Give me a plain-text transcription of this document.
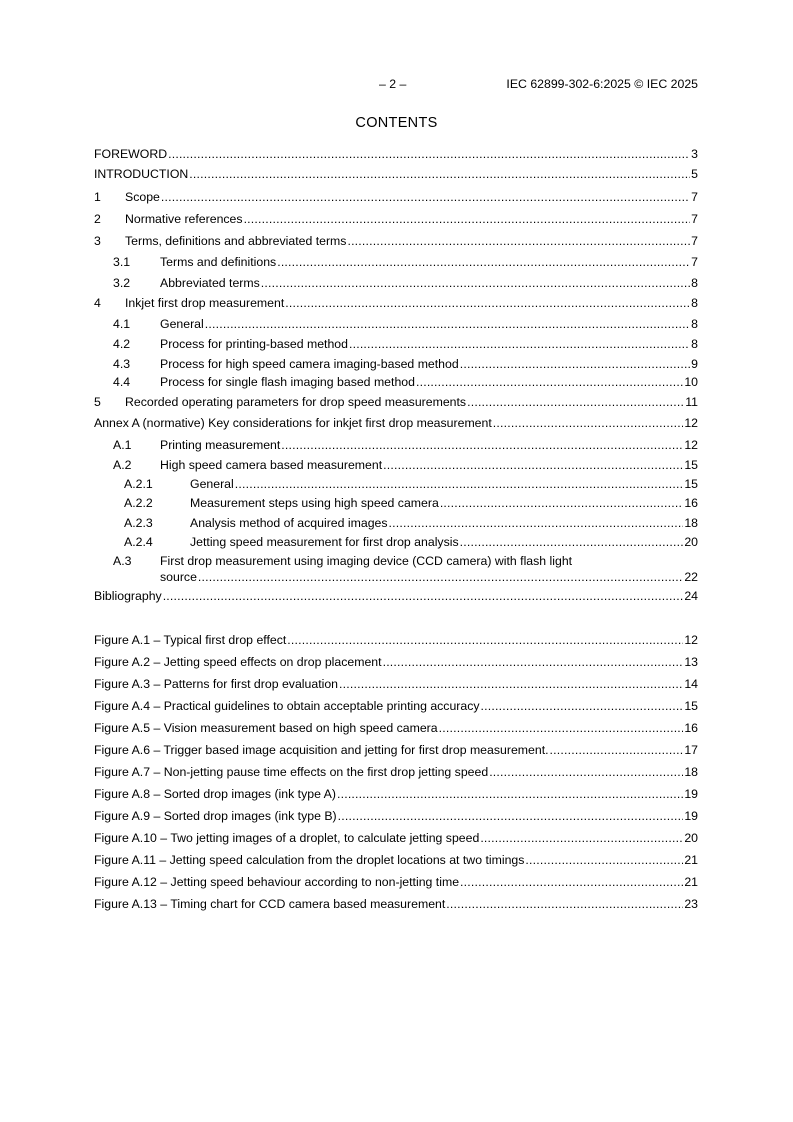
– 2 –	IEC 62899-302-6:2025 © IEC 2025
CONTENTS
FOREWORD .....	3
INTRODUCTION .....	5
1 Scope .....	7
2 Normative references .....	7
3 Terms, definitions and abbreviated terms .....	7
3.1 Terms and definitions .....	7
3.2 Abbreviated terms .....	8
4 Inkjet first drop measurement .....	8
4.1 General .....	8
4.2 Process for printing-based method .....	8
4.3 Process for high speed camera imaging-based method .....	9
4.4 Process for single flash imaging based method .....	10
5 Recorded operating parameters for drop speed measurements .....	11
Annex A (normative) Key considerations for inkjet first drop measurement .....	12
A.1 Printing measurement .....	12
A.2 High speed camera based measurement .....	15
A.2.1	General .....	15
A.2.2	Measurement steps using high speed camera .....	16
A.2.3	Analysis method of acquired images .....	18
A.2.4	Jetting speed measurement for first drop analysis .....	20
A.3 First drop measurement using imaging device (CCD camera) with flash light
source .....	22
Bibliography .....	24
Figure A.1 – Typical first drop effect .....	12
Figure A.2 – Jetting speed effects on drop placement .....	13
Figure A.3 – Patterns for first drop evaluation .....	14
Figure A.4 – Practical guidelines to obtain acceptable printing accuracy .....	15
Figure A.5 – Vision measurement based on high speed camera .....	16
Figure A.6 – Trigger based image acquisition and jetting for first drop measurement. .....	17
Figure A.7 – Non-jetting pause time effects on the first drop jetting speed .....	18
Figure A.8 – Sorted drop images (ink type A) .....	19
Figure A.9 – Sorted drop images (ink type B) .....	19
Figure A.10 – Two jetting images of a droplet, to calculate jetting speed .....	20
Figure A.11 – Jetting speed calculation from the droplet locations at two timings .....	21
Figure A.12 – Jetting speed behaviour according to non-jetting time .....	21
Figure A.13 – Timing chart for CCD camera based measurement .....	23
